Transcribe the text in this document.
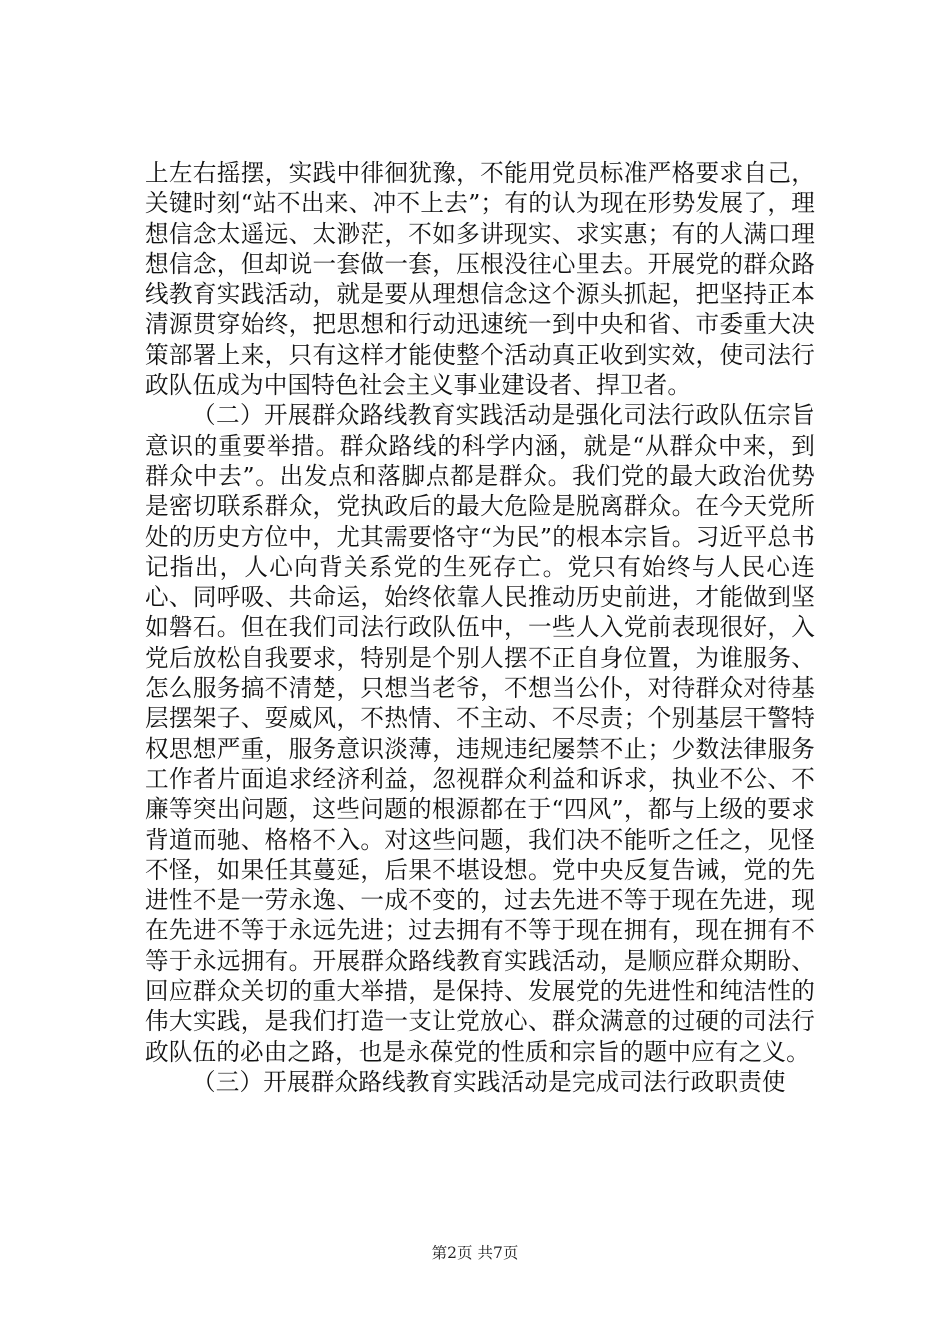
上左右摇摆，实践中徘徊犹豫，不能用党员标准严格要求自己，关键时刻“站不出来、冲不上去”；有的认为现在形势发展了，理想信念太遥远、太渺茫，不如多讲现实、求实惠；有的人满口理想信念，但却说一套做一套，压根没往心里去。开展党的群众路线教育实践活动，就是要从理想信念这个源头抓起，把坚持正本清源贯穿始终，把思想和行动迅速统一到中央和省、市委重大决策部署上来，只有这样才能使整个活动真正收到实效，使司法行政队伍成为中国特色社会主义事业建设者、捍卫者。

（二）开展群众路线教育实践活动是强化司法行政队伍宗旨意识的重要举措。群众路线的科学内涵，就是“从群众中来，到群众中去”。出发点和落脚点都是群众。我们党的最大政治优势是密切联系群众，党执政后的最大危险是脱离群众。在今天党所处的历史方位中，尤其需要恪守“为民”的根本宗旨。习近平总书记指出，人心向背关系党的生死存亡。党只有始终与人民心连心、同呼吸、共命运，始终依靠人民推动历史前进，才能做到坚如磐石。但在我们司法行政队伍中，一些人入党前表现很好，入党后放松自我要求，特别是个别人摆不正自身位置，为谁服务、怎么服务搞不清楚，只想当老爷，不想当公仆，对待群众对待基层摆架子、耍威风，不热情、不主动、不尽责；个别基层干警特权思想严重，服务意识淡薄，违规违纪屡禁不止；少数法律服务工作者片面追求经济利益，忽视群众利益和诉求，执业不公、不廉等突出问题，这些问题的根源都在于“四风”，都与上级的要求背道而驰、格格不入。对这些问题，我们决不能听之任之，见怪不怪，如果任其蔓延，后果不堪设想。党中央反复告诫，党的先进性不是一劳永逸、一成不变的，过去先进不等于现在先进，现在先进不等于永远先进；过去拥有不等于现在拥有，现在拥有不等于永远拥有。开展群众路线教育实践活动，是顺应群众期盼、回应群众关切的重大举措，是保持、发展党的先进性和纯洁性的伟大实践，是我们打造一支让党放心、群众满意的过硬的司法行政队伍的必由之路，也是永葆党的性质和宗旨的题中应有之义。

（三）开展群众路线教育实践活动是完成司法行政职责使

第2页 共7页
